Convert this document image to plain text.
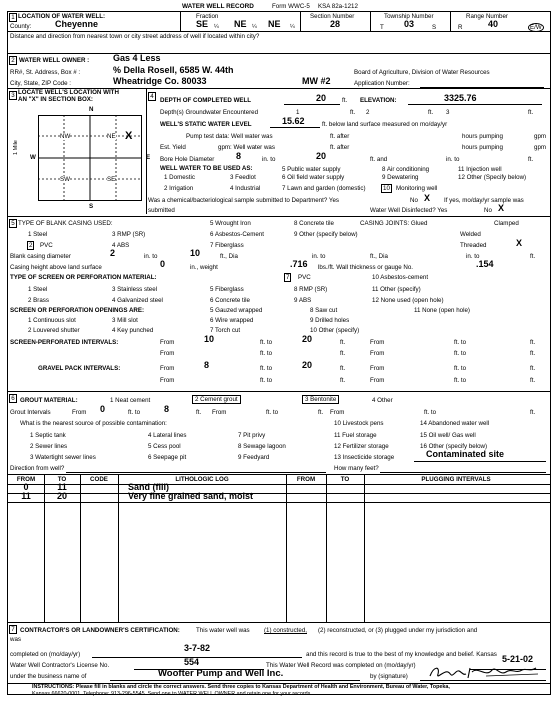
WATER WELL RECORD	Form WWC-5 KSA 82a-1212
1 LOCATION OF WATER WELL:	Fraction	Section Number	Township Number	Range Number
County:	Cheyenne	SE ¼ NE ¼ NE ¼	28	T 03	S	R	40	E/W
Distance and direction from nearest town or city street address of well if located within city?
2 WATER WELL OWNER :	Gas 4 Less
RR#, St. Address, Box # :	% Della Rosell, 6585 W. 44th
City, State, ZIP Code :	Wheatridge Co. 80033	MW #2
Board of Agriculture, Division of Water Resources
Application Number:
3 LOCATE WELL'S LOCATION WITH
AN "X" IN SECTION BOX:
N
S
W	E
1 Mile
NW	NE
SW	SE
X
4
DEPTH OF COMPLETED WELL	20	ft. ELEVATION:	3325.76
Depth(s) Groundwater Encountered	1	ft. 2	ft. 3	ft.
WELL'S STATIC WATER LEVEL	15.62	ft. below land surface measured on mo/day/yr
Pump test data: Well water was	ft. after	hours pumping	gpm
Est. Yield	gpm: Well water was	ft. after	hours pumping	gpm
Bore Hole Diameter 8	in. to	20	ft. and	in. to	ft.
WELL WATER TO BE USED AS:
1 Domestic
2 Irrigation
3 Feedlot
4 Industrial
5 Public water supply
6 Oil field water supply
7 Lawn and garden (domestic)
8 Air conditioning
9 Dewatering
10 Monitoring well
11 Injection well
12 Other (Specify below)
Was a chemical/bacteriological sample submitted to Department? Yes	No X If yes, mo/day/yr sample was
submitted	Water Well Disinfected? Yes	No X
5 TYPE OF BLANK CASING USED:	5 Wrought Iron	8 Concrete tile	CASING JOINTS: Glued	Clamped
1 Steel	3 RMP (SR)	6 Asbestos-Cement	9 Other (specify below)	Welded
2	PVC	4 ABS	7 Fiberglass	Threaded	X
Blank casing diameter	2	in. to	10	ft., Dia	in. to	ft., Dia	in. to	ft.
Casing height above land surface	0	in., weight	.716 lbs./ft. Wall thickness or gauge No.	.154
TYPE OF SCREEN OR PERFORATION MATERIAL:	7	PVC	10 Asbestos-cement
1 Steel	3 Stainless steel	5 Fiberglass	8 RMP (SR)	11 Other (specify)
2 Brass	4 Galvanized steel	6 Concrete tile	9 ABS	12 None used (open hole)
SCREEN OR PERFORATION OPENINGS ARE:	5 Gauzed wrapped	8 Saw cut	11 None (open hole)
1 Continuous slot	3 Mill slot	6 Wire wrapped	9 Drilled holes
2 Louvered shutter	4 Key punched	7 Torch cut	10 Other (specify)
SCREEN-PERFORATED INTERVALS:	From	10	ft. to	20	ft.	From	ft. to	ft.
From	ft. to	ft.	From	ft. to	ft.
GRAVEL PACK INTERVALS:	From	8	ft. to	20	ft.	From	ft. to	ft.
From	ft. to	ft.	From	ft. to	ft.
6 GROUT MATERIAL:	1 Neat cement	2 Cement grout	3 Bentonite	4 Other
Grout Intervals	From 0	ft. to	8	ft. From	ft. to	ft. From	ft. to	ft.
What is the nearest source of possible contamination:	10 Livestock pens	14 Abandoned water well
1 Septic tank	4 Lateral lines	7 Pit privy	11 Fuel storage	15 Oil well/ Gas well
2 Sewer lines	5 Cess pool	8 Sewage lagoon	12 Fertilizer storage	16 Other (specify below)
3 Watertight sewer lines	6 Seepage pit	9 Feedyard	13 Insecticide storage	Contaminated site
Direction from well?	How many feet?
FROM	TO	CODE	LITHOLOGIC LOG	FROM	TO	PLUGGING INTERVALS
0	11	Sand (fill)
11	20	Very fine grained sand, moist
7 CONTRACTOR'S OR LANDOWNER'S CERTIFICATION:	This water well was (1) constructed, (2) reconstructed, or (3) plugged under my jurisdiction and
was
completed on (mo/day/yr)
3-7-82
and this record is true to the best of my knowledge and belief. Kansas
Water Well Contractor's License No.	554	This Water Well Record was completed on (mo/day/yr)
5-21-02
under the business name of	Woofter Pump and Well Inc.	by (signature)
INSTRUCTIONS: Please fill in blanks and circle the correct answers. Send three copies to Kansas Department of Health and Environment, Bureau of Water, Topeka,
Kansas 66620-0001. Telephone: 913-296-5545. Send one to WATER WELL OWNER and retain one for your records.
